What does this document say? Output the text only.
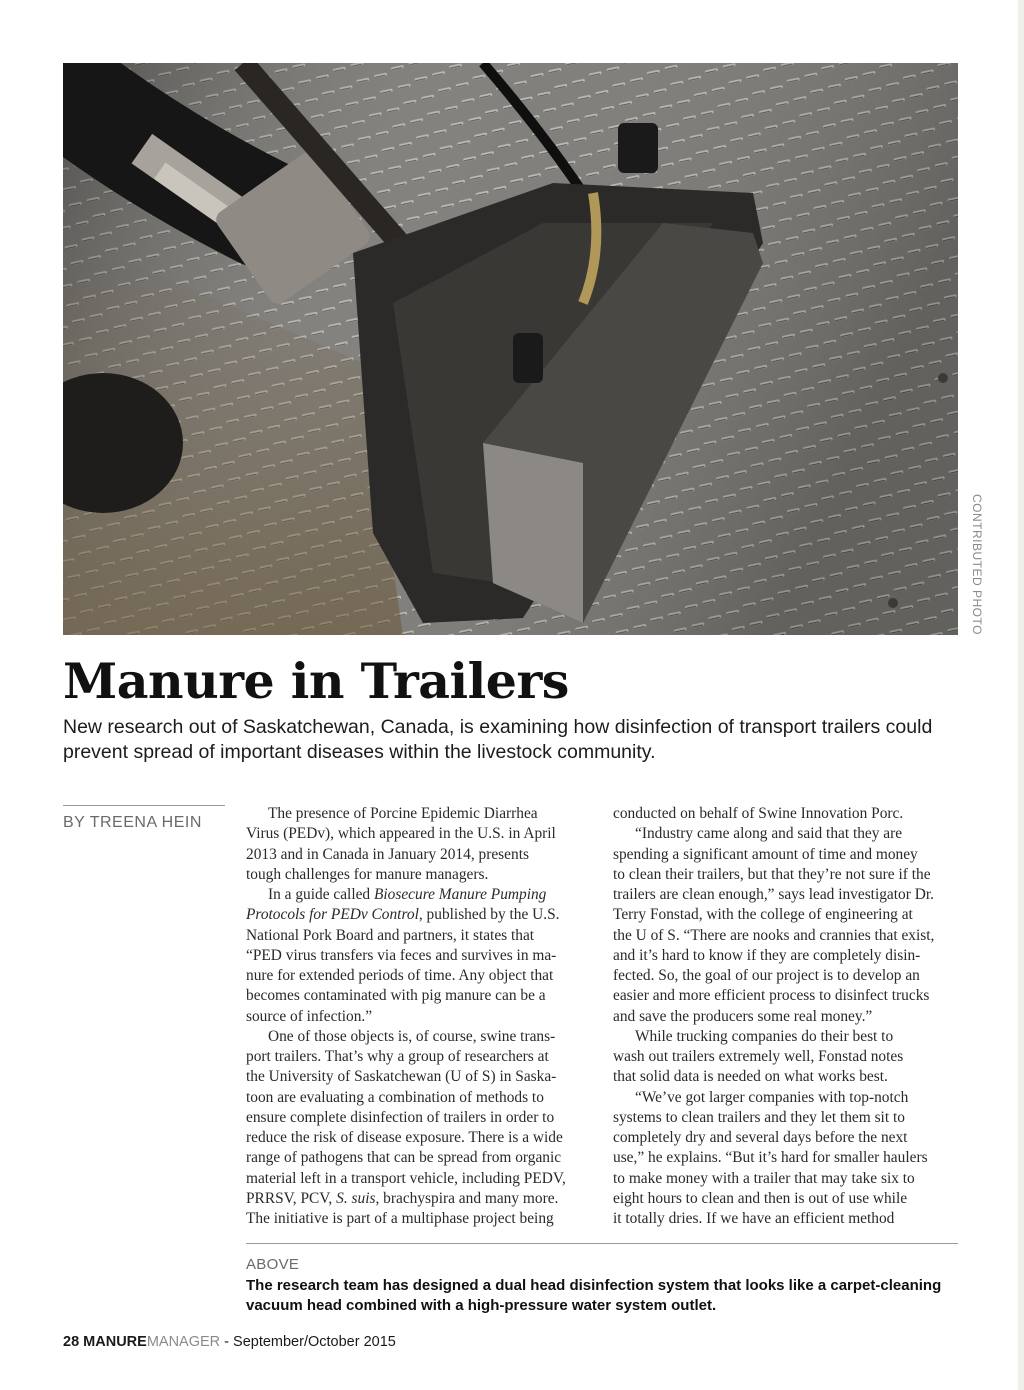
CONTRIBUTED PHOTO
Manure in Trailers

New research out of Saskatchewan, Canada, is examining how disinfection of transport trailers could prevent spread of important diseases within the livestock community.

BY TREENA HEIN
The presence of Porcine Epidemic Diarrhea
Virus (PEDv), which appeared in the U.S. in April
2013 and in Canada in January 2014, presents
tough challenges for manure managers.
In a guide called Biosecure Manure Pumping
Protocols for PEDv Control, published by the U.S.
National Pork Board and partners, it states that
“PED virus transfers via feces and survives in ma-
nure for extended periods of time. Any object that
becomes contaminated with pig manure can be a
source of infection.”
One of those objects is, of course, swine trans-
port trailers. That’s why a group of researchers at
the University of Saskatchewan (U of S) in Saska-
toon are evaluating a combination of methods to
ensure complete disinfection of trailers in order to
reduce the risk of disease exposure. There is a wide
range of pathogens that can be spread from organic
material left in a transport vehicle, including PEDV,
PRRSV, PCV, S. suis, brachyspira and many more.
The initiative is part of a multiphase project being
conducted on behalf of Swine Innovation Porc.
“Industry came along and said that they are
spending a significant amount of time and money
to clean their trailers, but that they’re not sure if the
trailers are clean enough,” says lead investigator Dr.
Terry Fonstad, with the college of engineering at
the U of S. “There are nooks and crannies that exist,
and it’s hard to know if they are completely disin-
fected. So, the goal of our project is to develop an
easier and more efficient process to disinfect trucks
and save the producers some real money.”
While trucking companies do their best to
wash out trailers extremely well, Fonstad notes
that solid data is needed on what works best.
“We’ve got larger companies with top-notch
systems to clean trailers and they let them sit to
completely dry and several days before the next
use,” he explains. “But it’s hard for smaller haulers
to make money with a trailer that may take six to
eight hours to clean and then is out of use while
it totally dries. If we have an efficient method
ABOVE
The research team has designed a dual head disinfection system that looks like a carpet-cleaning vacuum head combined with a high-pressure water system outlet.
28 MANUREMANAGER - September/October 2015
